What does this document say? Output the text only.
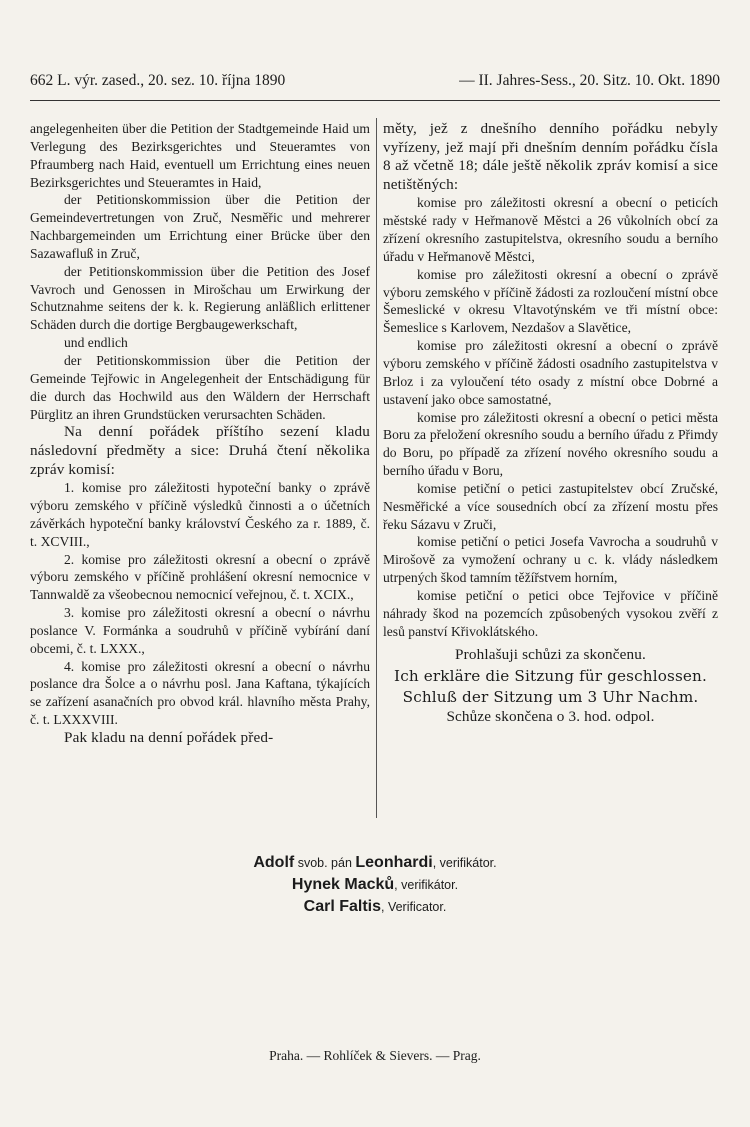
662 L. výr. zased., 20. sez. 10. října 1890	— II. Jahres-Sess., 20. Sitz. 10. Okt. 1890

angelegenheiten über die Petition der Stadtgemeinde Haid um Verlegung des Bezirksgerichtes und Steueramtes von Pfraumberg nach Haid, eventuell um Errichtung eines neuen Bezirksgerichtes und Steueramtes in Haid,

der Petitionskommission über die Petition der Gemeindevertretungen von Zruč, Nesměřic und mehrerer Nachbargemeinden um Errichtung einer Brücke über den Sazawafluß in Zruč,

der Petitionskommission über die Petition des Josef Vavroch und Genossen in Mirošchau um Erwirkung der Schutznahme seitens der k. k. Regierung anläßlich erlittener Schäden durch die dortige Bergbaugewerkschaft,

und endlich

der Petitionskommission über die Petition der Gemeinde Tejřowic in Angelegenheit der Entschädigung für die durch das Hochwild aus den Wäldern der Herrschaft Pürglitz an ihren Grundstücken verursachten Schäden.

Na denní pořádek příštího sezení kladu následovní předměty a sice: Druhá čtení několika zpráv komisí:

1. komise pro záležitosti hypoteční banky o zprávě výboru zemského v příčině výsledků činnosti a o účetních závěrkách hypoteční banky království Českého za r. 1889, č. t. XCVIII.,

2. komise pro záležitosti okresní a obecní o zprávě výboru zemského v příčině prohlášení okresní nemocnice v Tannwaldě za všeobecnou nemocnicí veřejnou, č. t. XCIX.,

3. komise pro záležitosti okresní a obecní o návrhu poslance V. Formánka a soudruhů v příčině vybírání daní obcemi, č. t. LXXX.,

4. komise pro záležitosti okresní a obecní o návrhu poslance dra Šolce a o návrhu posl. Jana Kaftana, týkajících se zařízení asanačních pro obvod král. hlavního města Prahy, č. t. LXXXVIII.

Pak kladu na denní pořádek před-

měty, jež z dnešního denního pořádku nebyly vyřízeny, jež mají při dnešním denním pořádku čísla 8 až včetně 18; dále ještě několik zpráv komisí a sice netištěných:

komise pro záležitosti okresní a obecní o peticích městské rady v Heřmanově Městci a 26 vůkolních obcí za zřízení okresního zastupitelstva, okresního soudu a berního úřadu v Heřmanově Městci,

komise pro záležitosti okresní a obecní o zprávě výboru zemského v příčině žádosti za rozloučení místní obce Šemeslické v okresu Vltavotýnském ve tři místní obce: Šemeslice s Karlovem, Nezdašov a Slavětice,

komise pro záležitosti okresní a obecní o zprávě výboru zemského v příčině žádosti osadního zastupitelstva v Brloz i za vyloučení této osady z místní obce Dobrné a ustavení jako obce samostatné,

komise pro záležitosti okresní a obecní o petici města Boru za přeložení okresního soudu a berního úřadu z Přimdy do Boru, po případě za zřízení nového okresního soudu a berního úřadu v Boru,

komise petiční o petici zastupitelstev obcí Zručské, Nesměřické a více sousedních obcí za zřízení mostu přes řeku Sázavu v Zruči,

komise petiční o petici Josefa Vavrocha a soudruhů v Mirošově za vymožení ochrany u c. k. vlády následkem utrpených škod tamním těžířstvem horním,

komise petiční o petici obce Tejřovice v příčině náhrady škod na pozemcích způsobených vysokou zvěří z lesů panství Křivoklátského.

Prohlašuji schůzi za skončenu.

Ich erkläre die Sitzung für geschlossen.

Schluß der Sitzung um 3 Uhr Nachm.

Schůze skončena o 3. hod. odpol.

Adolf svob. pán Leonhardi, verifikátor.
Hynek Macků, verifikátor.
Carl Faltis, Verificator.
Praha. — Rohlíček & Sievers. — Prag.
